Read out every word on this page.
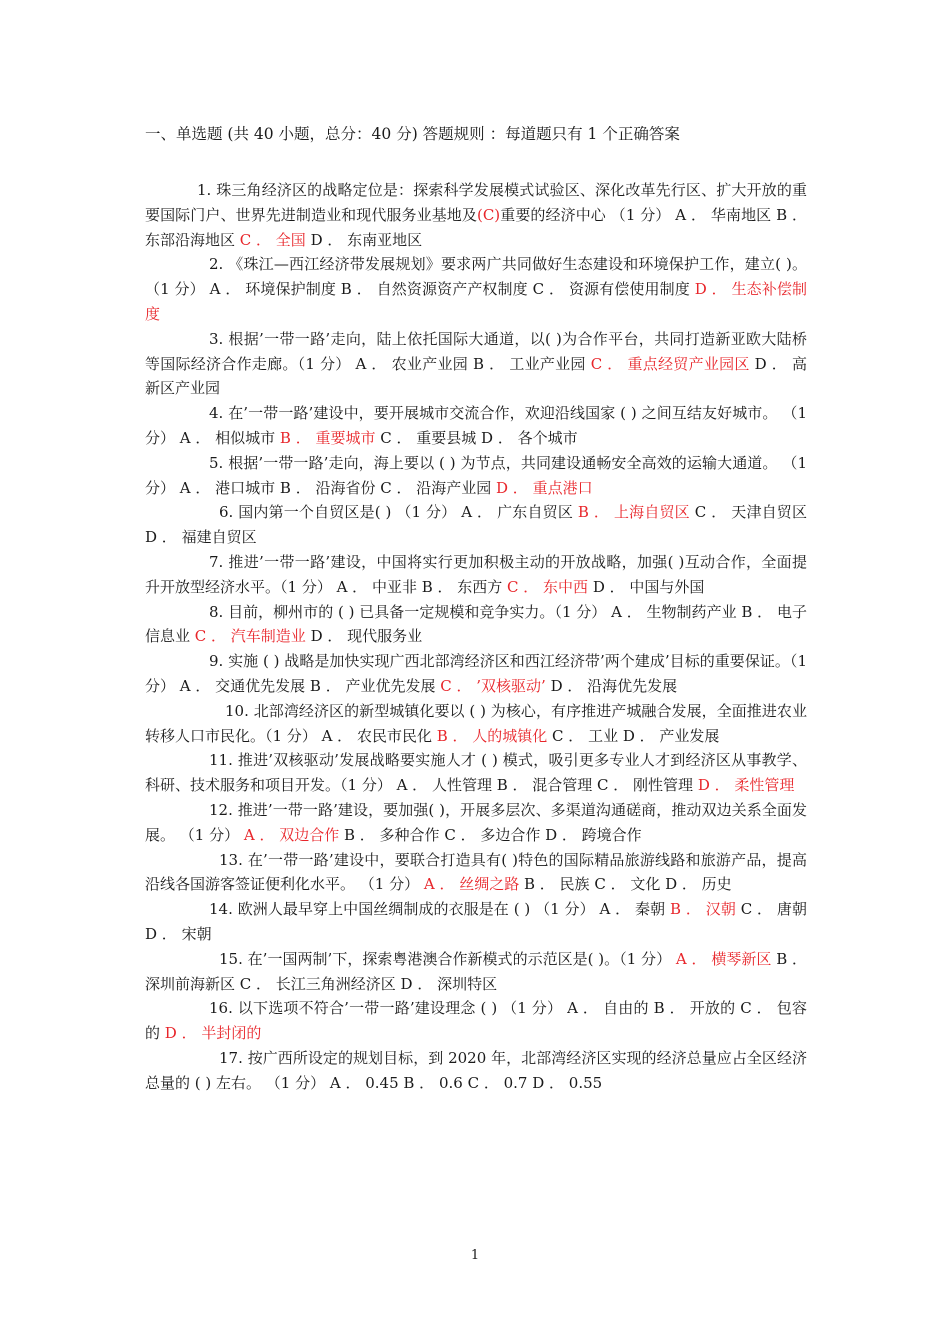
一、单选题 (共 40 小题，总分：40 分) 答题规则 ：每道题只有 1 个正确答案

1. 珠三角经济区的战略定位是：探索科学发展模式试验区、深化改革先行区、扩大开放的重要国际门户、世界先进制造业和现代服务业基地及(C)重要的经济中心 （1 分） A ． 华南地区 B ． 东部沿海地区 C ． 全国 D ． 东南亚地区

2. 《珠江—西江经济带发展规划》要求两广共同做好生态建设和环境保护工作，建立( )。（1 分） A ． 环境保护制度 B ． 自然资源资产产权制度 C ． 资源有偿使用制度 D ． 生态补偿制度

3. 根据’一带一路’走向，陆上依托国际大通道，以( )为合作平台，共同打造新亚欧大陆桥等国际经济合作走廊。（1 分） A ． 农业产业园 B ． 工业产业园 C ． 重点经贸产业园区 D ． 高新区产业园

4. 在’一带一路’建设中，要开展城市交流合作，欢迎沿线国家 ( ) 之间互结友好城市。 （1 分） A ． 相似城市 B ． 重要城市 C ． 重要县城 D ． 各个城市

5. 根据’一带一路’走向，海上要以 ( ) 为节点，共同建设通畅安全高效的运输大通道。 （1 分） A ． 港口城市 B ． 沿海省份 C ． 沿海产业园 D ． 重点港口

6. 国内第一个自贸区是( ) （1 分） A ． 广东自贸区 B ． 上海自贸区 C ． 天津自贸区 D ． 福建自贸区

7. 推进’一带一路’建设，中国将实行更加积极主动的开放战略，加强( )互动合作，全面提升开放型经济水平。（1 分） A ． 中亚非 B ． 东西方 C ． 东中西 D ． 中国与外国

8. 目前，柳州市的 ( ) 已具备一定规模和竞争实力。（1 分） A ． 生物制药产业 B ． 电子信息业 C ． 汽车制造业 D ． 现代服务业

9. 实施 ( ) 战略是加快实现广西北部湾经济区和西江经济带’两个建成’目标的重要保证。（1 分） A ． 交通优先发展 B ． 产业优先发展 C ． ’双核驱动’ D ． 沿海优先发展

10. 北部湾经济区的新型城镇化要以 ( ) 为核心，有序推进产城融合发展，全面推进农业转移人口市民化。（1 分） A ． 农民市民化 B ． 人的城镇化 C ． 工业 D ． 产业发展

11. 推进’双核驱动’发展战略要实施人才 ( ) 模式，吸引更多专业人才到经济区从事教学、科研、技术服务和项目开发。（1 分） A ． 人性管理 B ． 混合管理 C ． 刚性管理 D ． 柔性管理

12. 推进’一带一路’建设，要加强( )，开展多层次、多渠道沟通磋商，推动双边关系全面发展。 （1 分） A ． 双边合作 B ． 多种合作 C ． 多边合作 D ． 跨境合作

13. 在’一带一路’建设中，要联合打造具有( )特色的国际精品旅游线路和旅游产品，提高沿线各国游客签证便利化水平。 （1 分） A ． 丝绸之路 B ． 民族 C ． 文化 D ． 历史

14. 欧洲人最早穿上中国丝绸制成的衣服是在 ( ) （1 分） A ． 秦朝 B ． 汉朝 C ． 唐朝 D ． 宋朝

15. 在’一国两制’下，探索粤港澳合作新模式的示范区是( )。（1 分） A ． 横琴新区 B ． 深圳前海新区 C ． 长江三角洲经济区 D ． 深圳特区

16. 以下选项不符合’一带一路’建设理念 ( ) （1 分） A ． 自由的 B ． 开放的 C ． 包容的 D ． 半封闭的

17. 按广西所设定的规划目标，到 2020 年，北部湾经济区实现的经济总量应占全区经济总量的 ( ) 左右。 （1 分） A ． 0.45 B ． 0.6 C ． 0.7 D ． 0.55

1
